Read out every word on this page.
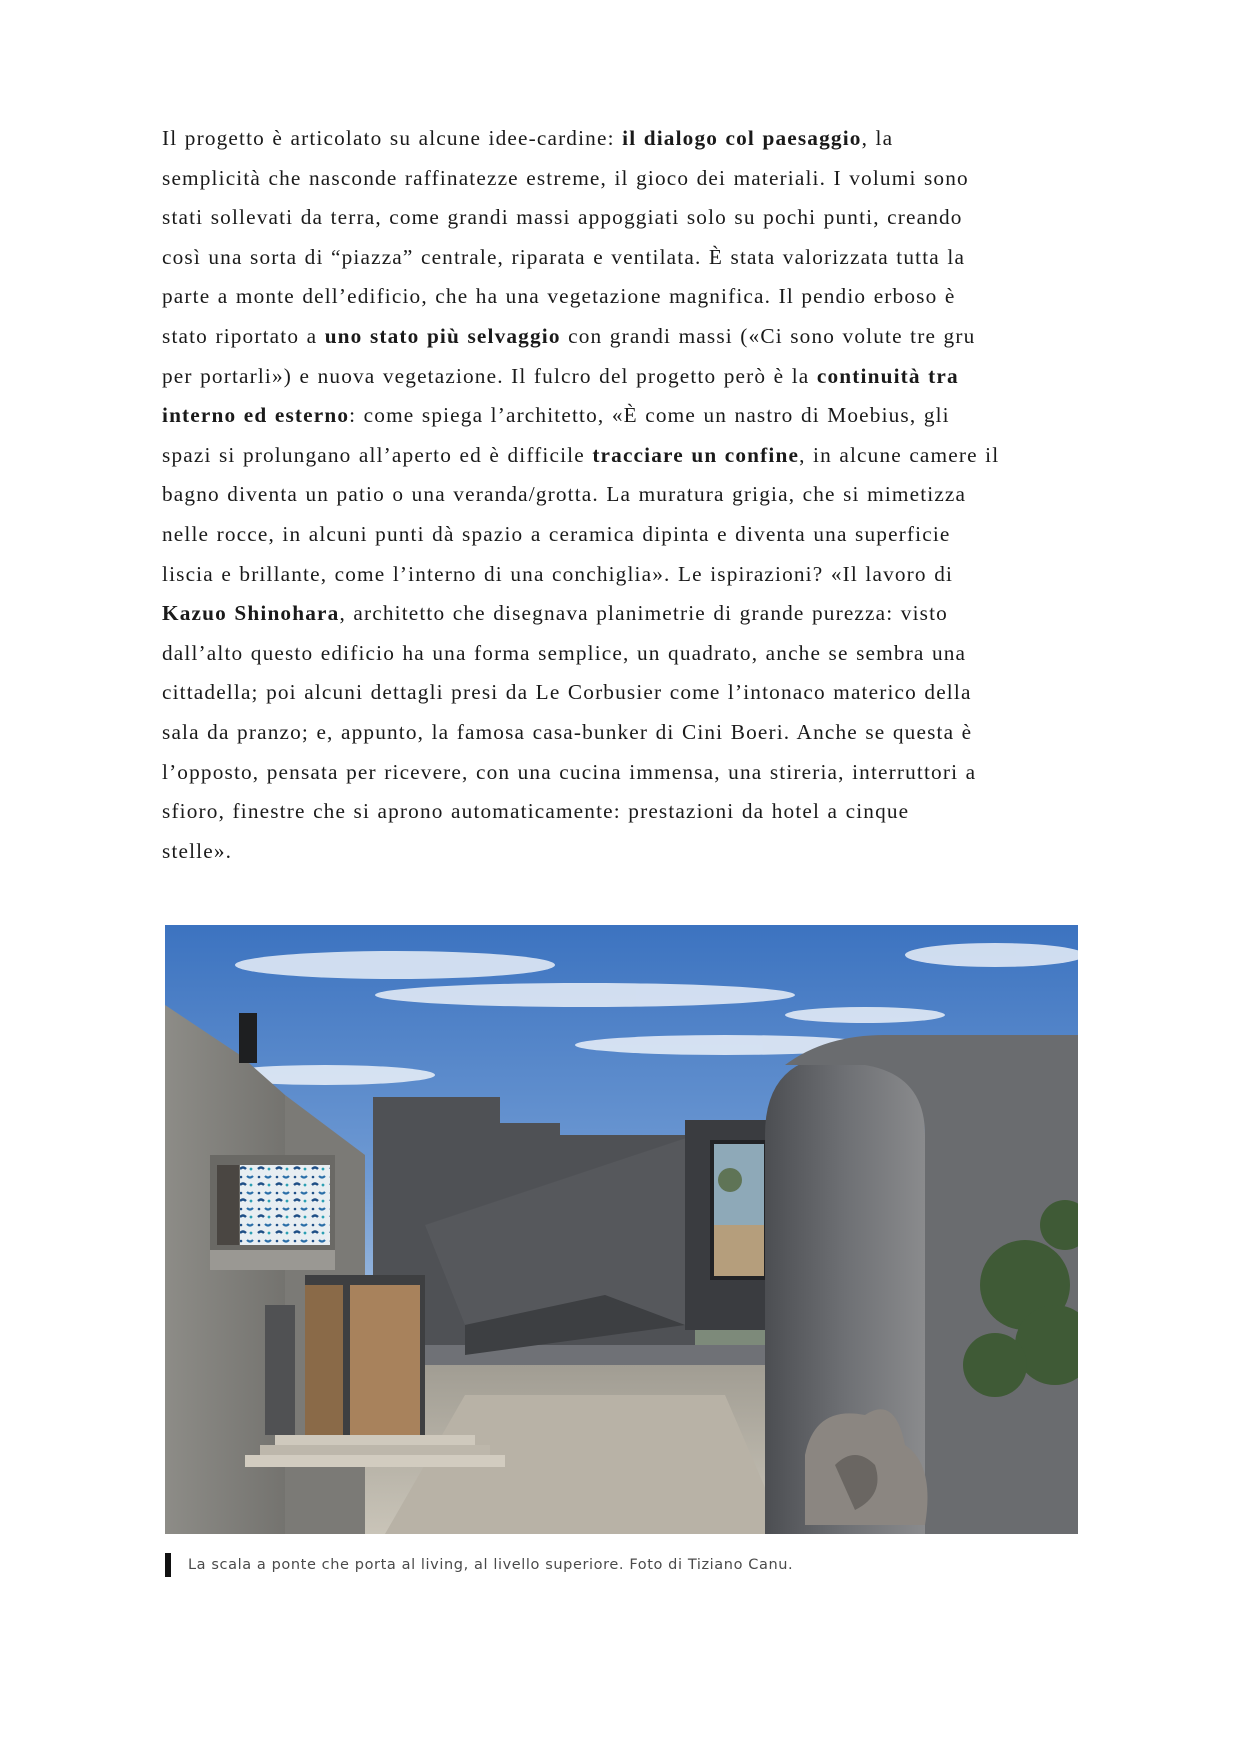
Il progetto è articolato su alcune idee-cardine: il dialogo col paesaggio, la
semplicità che nasconde raffinatezze estreme, il gioco dei materiali. I volumi sono
stati sollevati da terra, come grandi massi appoggiati solo su pochi punti, creando
così una sorta di “piazza” centrale, riparata e ventilata. È stata valorizzata tutta la
parte a monte dell’edificio, che ha una vegetazione magnifica. Il pendio erboso è
stato riportato a uno stato più selvaggio con grandi massi («Ci sono volute tre gru
per portarli») e nuova vegetazione. Il fulcro del progetto però è la continuità tra
interno ed esterno: come spiega l’architetto, «È come un nastro di Moebius, gli
spazi si prolungano all’aperto ed è difficile tracciare un confine, in alcune camere il
bagno diventa un patio o una veranda/grotta. La muratura grigia, che si mimetizza
nelle rocce, in alcuni punti dà spazio a ceramica dipinta e diventa una superficie
liscia e brillante, come l’interno di una conchiglia». Le ispirazioni? «Il lavoro di
Kazuo Shinohara, architetto che disegnava planimetrie di grande purezza: visto
dall’alto questo edificio ha una forma semplice, un quadrato, anche se sembra una
cittadella; poi alcuni dettagli presi da Le Corbusier come l’intonaco materico della
sala da pranzo; e, appunto, la famosa casa-bunker di Cini Boeri. Anche se questa è
l’opposto, pensata per ricevere, con una cucina immensa, una stireria, interruttori a
sfioro, finestre che si aprono automaticamente: prestazioni da hotel a cinque
stelle».
La scala a ponte che porta al living, al livello superiore. Foto di Tiziano Canu.
